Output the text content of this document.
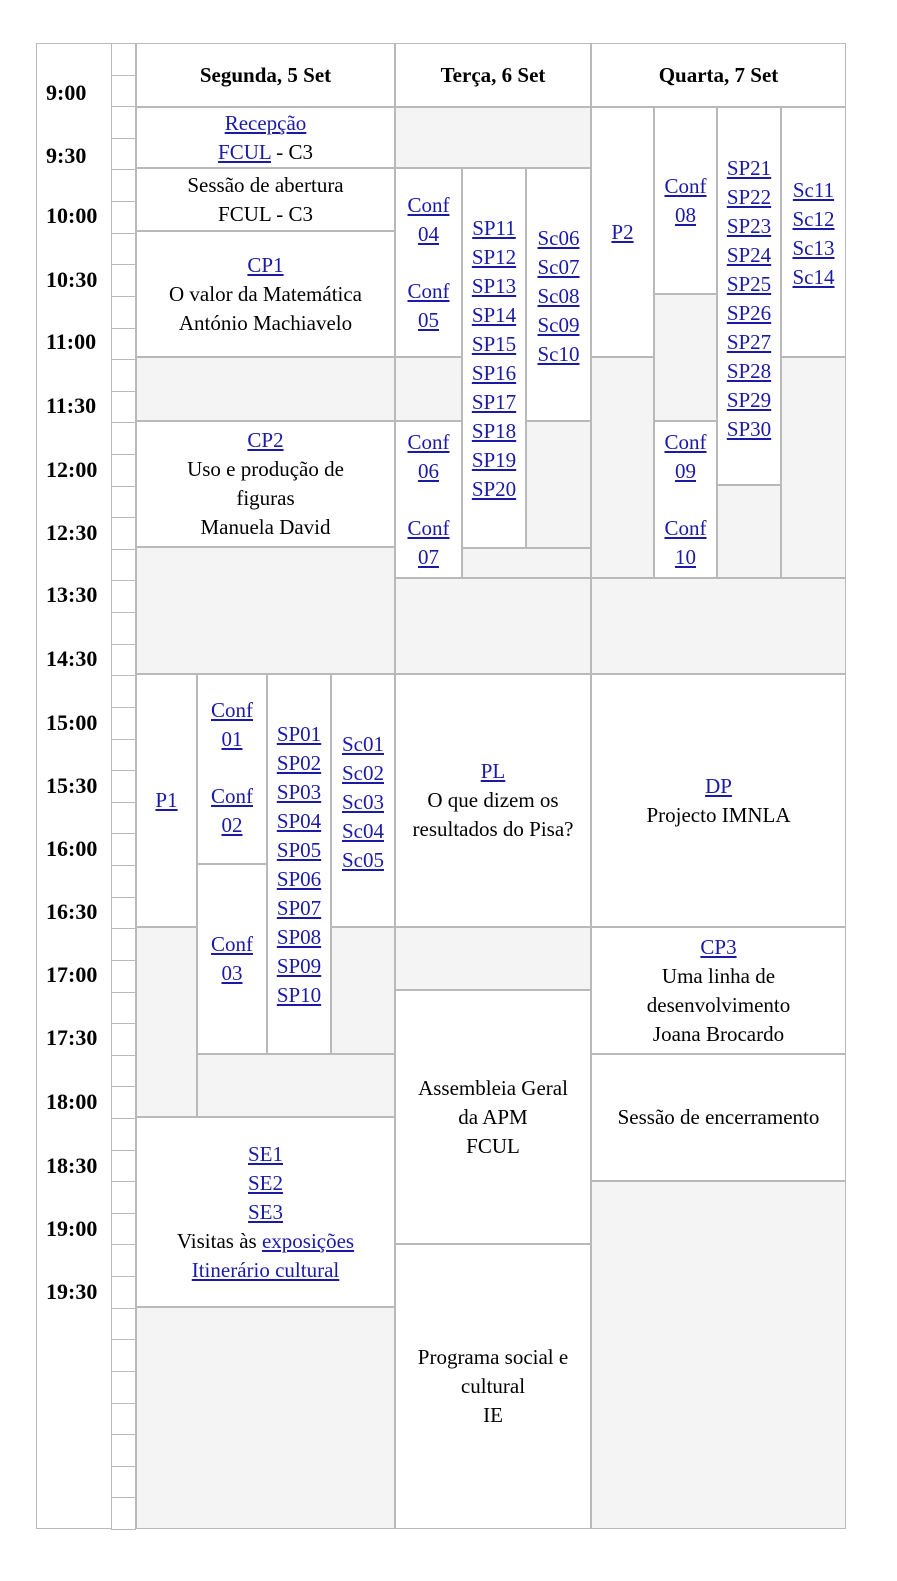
9:00
9:30
10:00
10:30
11:00
11:30
12:00
12:30
13:30
14:30
15:00
15:30
16:00
16:30
17:00
17:30
18:00
18:30
19:00
19:30
Segunda, 5 Set	Terça, 6 Set	Quarta, 7 Set
Recepção
FCUL - C3
Sessão de abertura
FCUL - C3
CP1
O valor da Matemática
António Machiavelo
CP2
Uso e produção de
figuras
Manuela David
P1
Conf
01
Conf
02
Conf
03
SP01
SP02
SP03
SP04
SP05
SP06
SP07
SP08
SP09
SP10
Sc01
Sc02
Sc03
Sc04
Sc05
SE1
SE2
SE3
Visitas às exposições
Itinerário cultural
Conf
04
Conf
05
Conf
06
Conf
07
SP11
SP12
SP13
SP14
SP15
SP16
SP17
SP18
SP19
SP20
Sc06
Sc07
Sc08
Sc09
Sc10
PL
O que dizem os
resultados do Pisa?
Assembleia Geral
da APM
FCUL
Programa social e
cultural
IE
P2
Conf
08
Conf
09
Conf
10
SP21
SP22
SP23
SP24
SP25
SP26
SP27
SP28
SP29
SP30
Sc11
Sc12
Sc13
Sc14
DP
Projecto IMNLA
CP3
Uma linha de
desenvolvimento
Joana Brocardo
Sessão de encerramento
